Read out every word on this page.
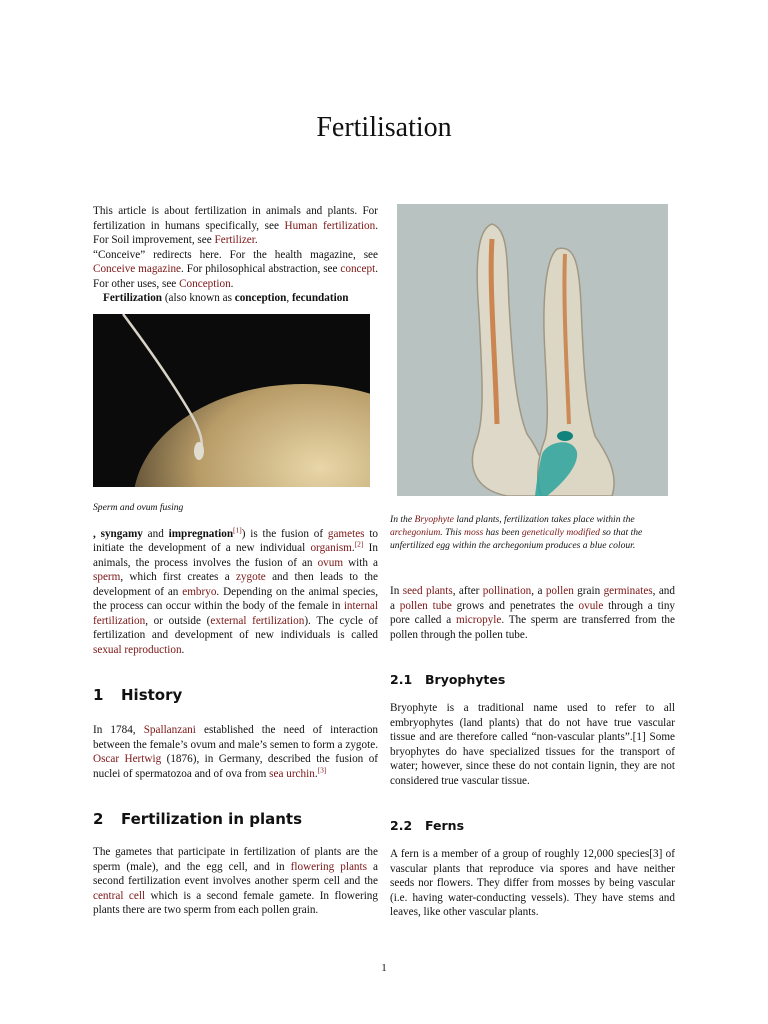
Fertilisation

This article is about fertilization in animals and plants. For fertilization in humans specifically, see Human fertilization. For Soil improvement, see Fertilizer.

“Conceive” redirects here. For the health magazine, see Conceive magazine. For philosophical abstraction, see concept. For other uses, see Conception.

Fertilization (also known as conception, fecundation

Sperm and ovum fusing

, syngamy and impregnation[1]) is the fusion of gametes to initiate the development of a new individual organism.[2] In animals, the process involves the fusion of an ovum with a sperm, which first creates a zygote and then leads to the development of an embryo. Depending on the animal species, the process can occur within the body of the female in internal fertilization, or outside (external fertilization). The cycle of fertilization and development of new individuals is called sexual reproduction.

1 History

In 1784, Spallanzani established the need of interaction between the female’s ovum and male’s semen to form a zygote. Oscar Hertwig (1876), in Germany, described the fusion of nuclei of spermatozoa and of ova from sea urchin.[3]

2 Fertilization in plants

The gametes that participate in fertilization of plants are the sperm (male), and the egg cell, and in flowering plants a second fertilization event involves another sperm cell and the central cell which is a second female gamete. In flowering plants there are two sperm from each pollen grain.

In the Bryophyte land plants, fertilization takes place within the archegonium. This moss has been genetically modified so that the unfertilized egg within the archegonium produces a blue colour.

In seed plants, after pollination, a pollen grain germinates, and a pollen tube grows and penetrates the ovule through a tiny pore called a micropyle. The sperm are transferred from the pollen through the pollen tube.

2.1 Bryophytes

Bryophyte is a traditional name used to refer to all embryophytes (land plants) that do not have true vascular tissue and are therefore called “non-vascular plants”.[1] Some bryophytes do have specialized tissues for the transport of water; however, since these do not contain lignin, they are not considered true vascular tissue.

2.2 Ferns

A fern is a member of a group of roughly 12,000 species[3] of vascular plants that reproduce via spores and have neither seeds nor flowers. They differ from mosses by being vascular (i.e. having water-conducting vessels). They have stems and leaves, like other vascular plants.

1
